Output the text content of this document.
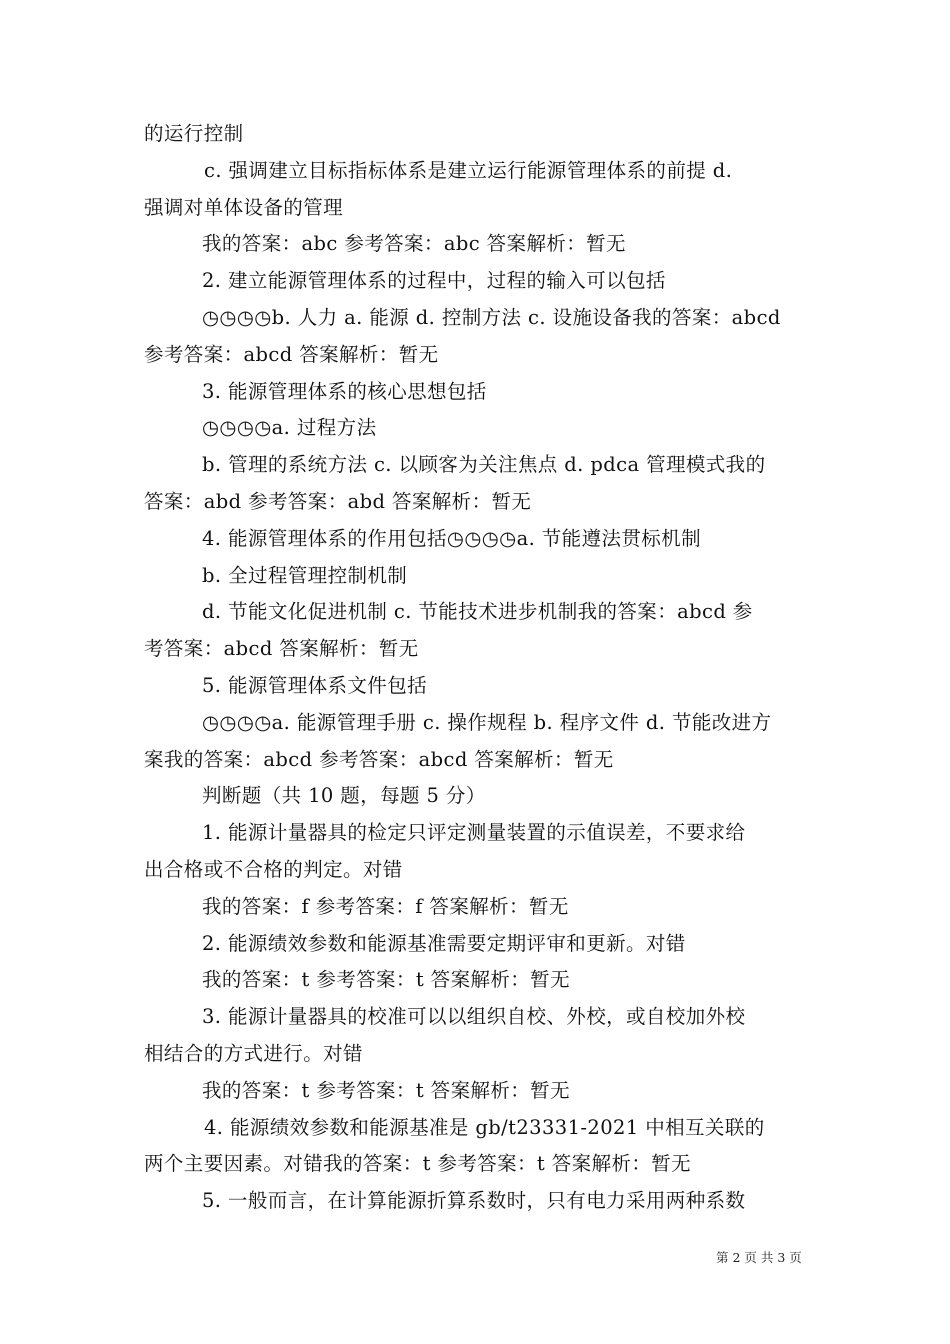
的运行控制
c. 强调建立目标指标体系是建立运行能源管理体系的前提 d.
强调对单体设备的管理
我的答案：abc 参考答案：abc 答案解析：暂无
2. 建立能源管理体系的过程中，过程的输入可以包括
◷◷◷◷b. 人力 a. 能源 d. 控制方法 c. 设施设备我的答案：abcd
参考答案：abcd 答案解析：暂无
3. 能源管理体系的核心思想包括
◷◷◷◷a. 过程方法
b. 管理的系统方法 c. 以顾客为关注焦点 d. pdca 管理模式我的
答案：abd 参考答案：abd 答案解析：暂无
4. 能源管理体系的作用包括◷◷◷◷a. 节能遵法贯标机制
b. 全过程管理控制机制
d. 节能文化促进机制 c. 节能技术进步机制我的答案：abcd 参
考答案：abcd 答案解析：暂无
5. 能源管理体系文件包括
◷◷◷◷a. 能源管理手册 c. 操作规程 b. 程序文件 d. 节能改进方
案我的答案：abcd 参考答案：abcd 答案解析：暂无
判断题（共 10 题，每题 5 分）
1. 能源计量器具的检定只评定测量装置的示值误差，不要求给
出合格或不合格的判定。对错
我的答案：f 参考答案：f 答案解析：暂无
2. 能源绩效参数和能源基准需要定期评审和更新。对错
我的答案：t 参考答案：t 答案解析：暂无
3. 能源计量器具的校准可以以组织自校、外校，或自校加外校
相结合的方式进行。对错
我的答案：t 参考答案：t 答案解析：暂无
4. 能源绩效参数和能源基准是 gb/t23331-2021 中相互关联的
两个主要因素。对错我的答案：t 参考答案：t 答案解析：暂无
5. 一般而言，在计算能源折算系数时，只有电力采用两种系数
第 2 页 共 3 页
